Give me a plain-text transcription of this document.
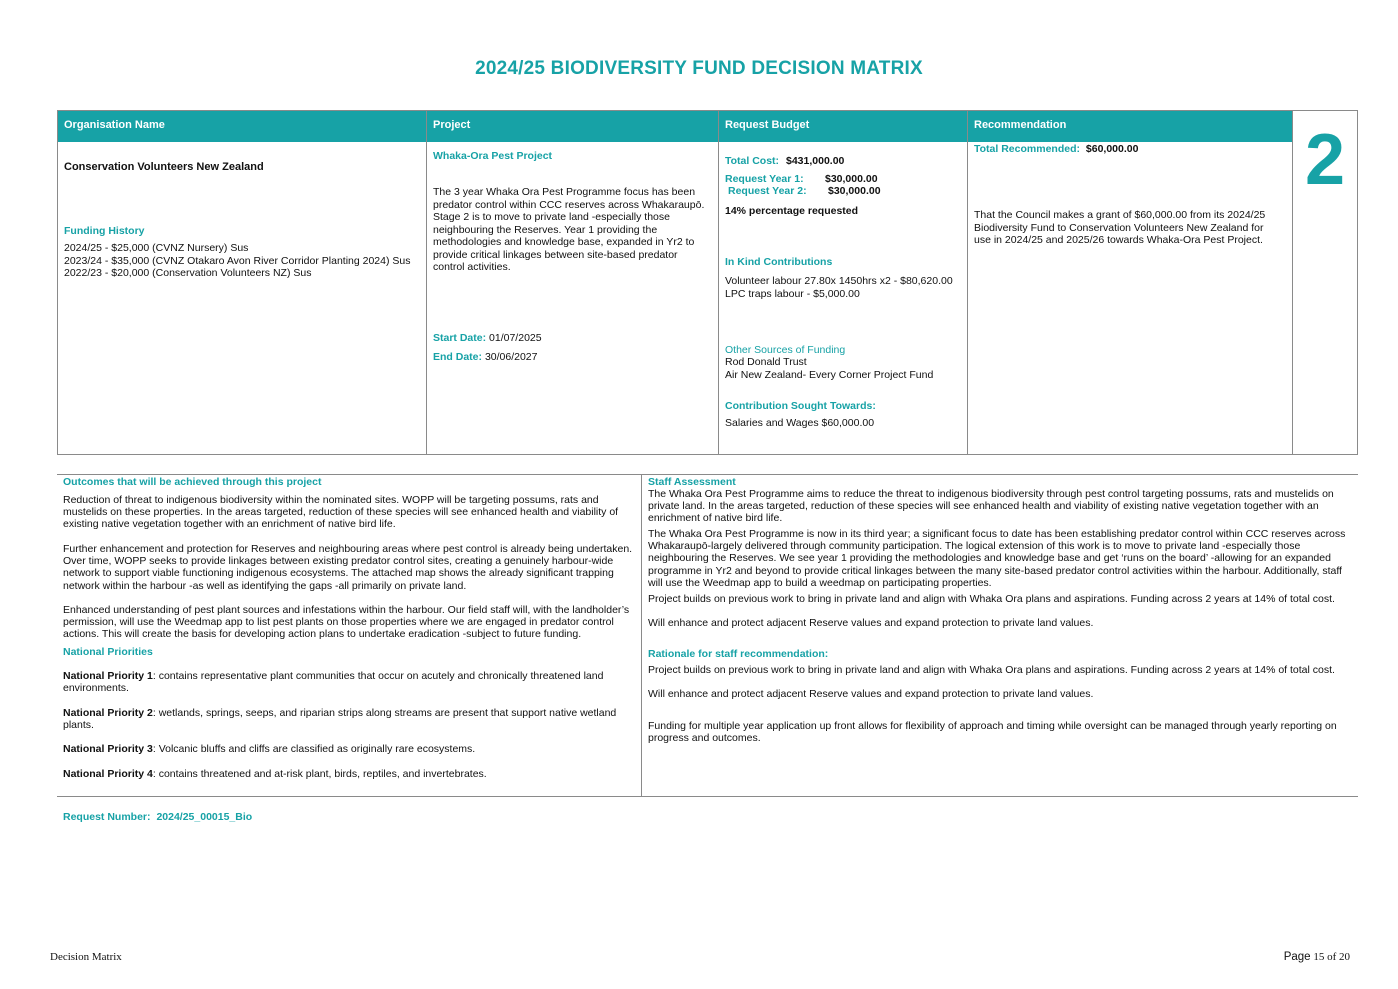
2024/25 BIODIVERSITY FUND DECISION MATRIX
Organisation Name
Conservation Volunteers New Zealand
Funding History
2024/25 - $25,000 (CVNZ Nursery) Sus
2023/24 - $35,000 (CVNZ Otakaro Avon River Corridor Planting 2024) Sus
2022/23 - $20,000 (Conservation Volunteers NZ) Sus
Project
Whaka-Ora Pest Project
The 3 year Whaka Ora Pest Programme focus has been predator control within CCC reserves across Whakaraupō. Stage 2 is to move to private land -especially those neighbouring the Reserves. Year 1 providing the methodologies and knowledge base, expanded in Yr2 to provide critical linkages between site-based predator control activities.
Start Date: 01/07/2025
End Date: 30/06/2027
Request Budget
Total Cost: $431,000.00
Request Year 1: $30,000.00
Request Year 2: $30,000.00
14% percentage requested
In Kind Contributions
Volunteer labour 27.80x 1450hrs x2 - $80,620.00
LPC traps labour - $5,000.00
Other Sources of Funding
Rod Donald Trust
Air New Zealand- Every Corner Project Fund
Contribution Sought Towards:
Salaries and Wages $60,000.00
Recommendation
Total Recommended: $60,000.00
That the Council makes a grant of $60,000.00 from its 2024/25 Biodiversity Fund to Conservation Volunteers New Zealand for use in 2024/25 and 2025/26 towards Whaka-Ora Pest Project.
2
Outcomes that will be achieved through this project
Reduction of threat to indigenous biodiversity within the nominated sites. WOPP will be targeting possums, rats and mustelids on these properties. In the areas targeted, reduction of these species will see enhanced health and viability of existing native vegetation together with an enrichment of native bird life.
Further enhancement and protection for Reserves and neighbouring areas where pest control is already being undertaken. Over time, WOPP seeks to provide linkages between existing predator control sites, creating a genuinely harbour-wide network to support viable functioning indigenous ecosystems. The attached map shows the already significant trapping network within the harbour -as well as identifying the gaps -all primarily on private land.
Enhanced understanding of pest plant sources and infestations within the harbour. Our field staff will, with the landholder’s permission, will use the Weedmap app to list pest plants on those properties where we are engaged in predator control actions. This will create the basis for developing action plans to undertake eradication -subject to future funding.
National Priorities
National Priority 1: contains representative plant communities that occur on acutely and chronically threatened land environments.
National Priority 2: wetlands, springs, seeps, and riparian strips along streams are present that support native wetland plants.
National Priority 3: Volcanic bluffs and cliffs are classified as originally rare ecosystems.
National Priority 4: contains threatened and at-risk plant, birds, reptiles, and invertebrates.
Staff Assessment
The Whaka Ora Pest Programme aims to reduce the threat to indigenous biodiversity through pest control targeting possums, rats and mustelids on private land. In the areas targeted, reduction of these species will see enhanced health and viability of existing native vegetation together with an enrichment of native bird life.
The Whaka Ora Pest Programme is now in its third year; a significant focus to date has been establishing predator control within CCC reserves across Whakaraupō-largely delivered through community participation. The logical extension of this work is to move to private land -especially those neighbouring the Reserves. We see year 1 providing the methodologies and knowledge base and get ‘runs on the board’ -allowing for an expanded programme in Yr2 and beyond to provide critical linkages between the many site-based predator control activities within the harbour. Additionally, staff will use the Weedmap app to build a weedmap on participating properties.
Project builds on previous work to bring in private land and align with Whaka Ora plans and aspirations. Funding across 2 years at 14% of total cost.
Will enhance and protect adjacent Reserve values and expand protection to private land values.
Rationale for staff recommendation:
Project builds on previous work to bring in private land and align with Whaka Ora plans and aspirations. Funding across 2 years at 14% of total cost.
Will enhance and protect adjacent Reserve values and expand protection to private land values.
Funding for multiple year application up front allows for flexibility of approach and timing while oversight can be managed through yearly reporting on progress and outcomes.
Request Number: 2024/25_00015_Bio
Decision Matrix	Page 15 of 20
